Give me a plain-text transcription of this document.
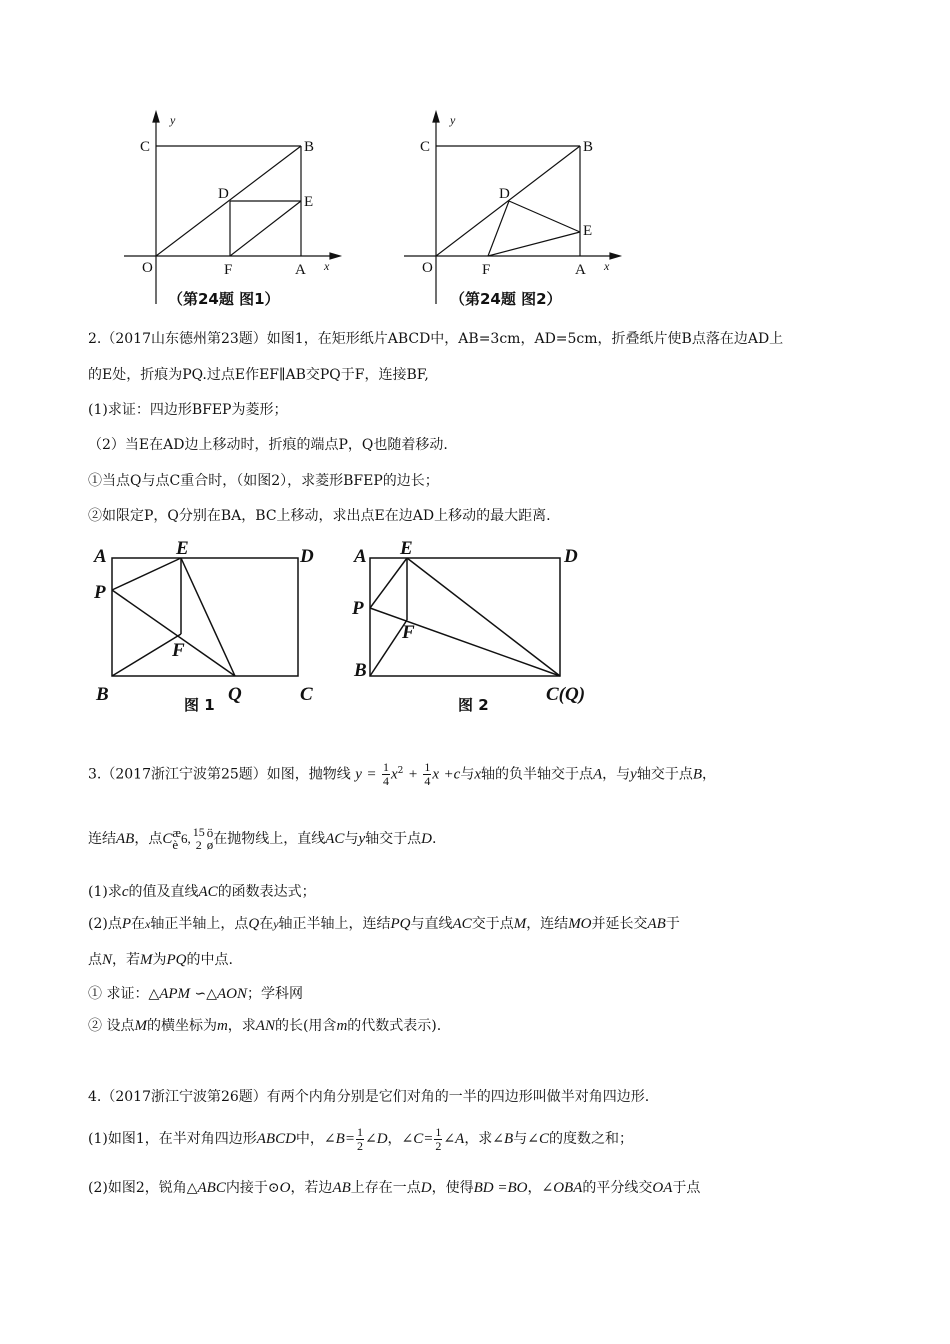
y
x
C	B
D	E
O	F	A
（第24题 图1）
y
x
C	B
D
E
O	F	A
（第24题 图2）
2.（2017山东德州第23题）如图1，在矩形纸片ABCD中，AB=3cm，AD=5cm，折叠纸片使B点落在边AD上
的E处，折痕为PQ.过点E作EF∥AB交PQ于F，连接BF,
(1)求证：四边形BFEP为菱形；
（2）当E在AD边上移动时，折痕的端点P，Q也随着移动.
①当点Q与点C重合时，（如图2），求菱形BFEP的边长；
②如限定P，Q分别在BA，BC上移动，求出点E在边AD上移动的最大距离.
A	E	D
P
F
B	Q	C
图 1
A E	D
P
F
B
C(Q)
图 2
3.（2017浙江宁波第25题）如图，抛物线 $y = \frac{1}{4} x^2 + \frac{1}{4}$ x +c与x轴的负半轴交于点A，与y轴交于点B，
连结AB，点C æ
è 6, 15
2
ö
ø 在抛物线上，直线AC与y轴交于点D.
(1)求c的值及直线AC的函数表达式；
(2)点P在x轴正半轴上，点Q在y轴正半轴上，连结PQ与直线AC交于点M，连结MO并延长交AB于
点N，若M为PQ的中点.
① 求证：△APM ∽△AON；学科网
② 设点M的横坐标为m，求AN的长(用含m的代数式表示).
4.（2017浙江宁波第26题）有两个内角分别是它们对角的一半的四边形叫做半对角四边形.
(1)如图1，在半对角四边形ABCD中，∠B= $\frac{1}{2}$ ∠D，∠C= $\frac{1}{2}$ ∠A，求∠B与∠C的度数之和；
(2)如图2，锐角△ABC内接于⊙O，若边AB上存在一点D，使得BD =BO，∠OBA的平分线交OA于点
